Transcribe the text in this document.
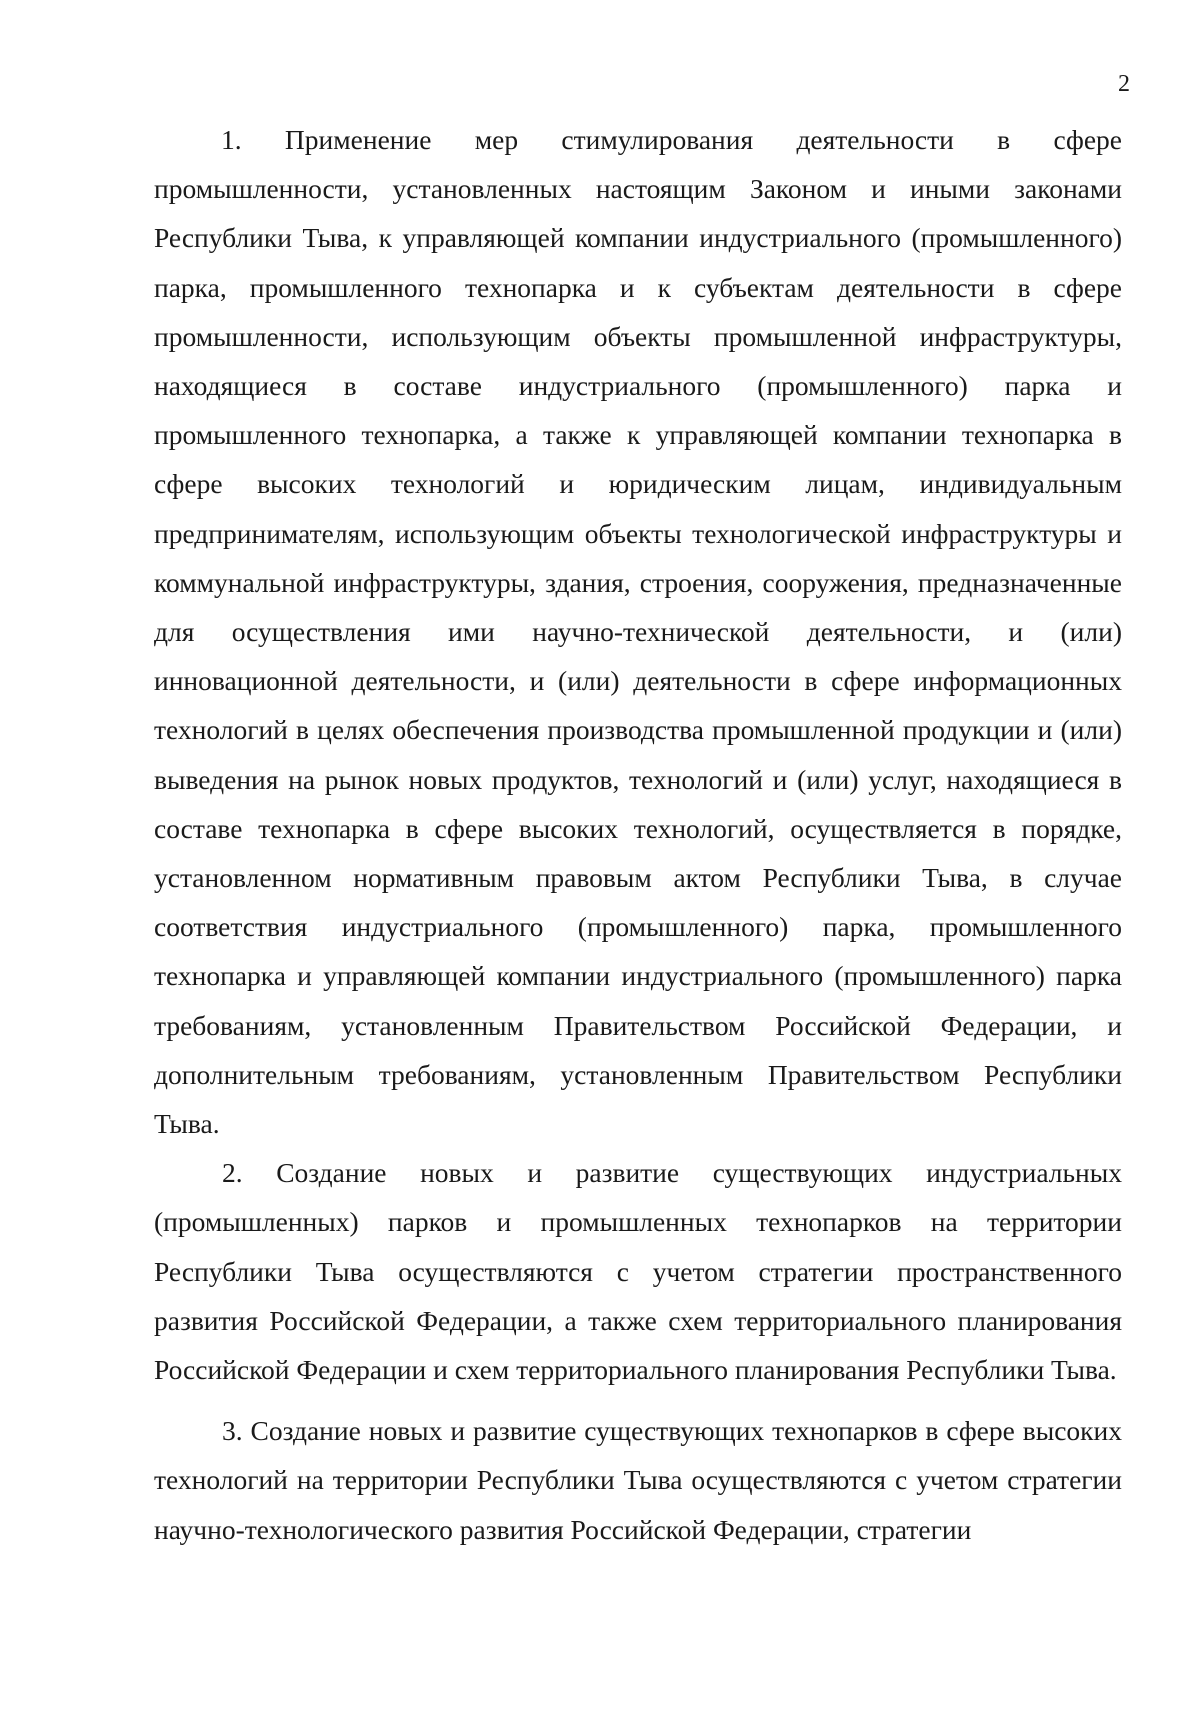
2

1. Применение мер стимулирования деятельности в сфере промышленности, установленных настоящим Законом и иными законами Республики Тыва, к управляющей компании индустриального (промышленного) парка, промышленного технопарка и к субъектам деятельности в сфере промышленности, использующим объекты промышленной инфраструктуры, находящиеся в составе индустриального (промышленного) парка и промышленного технопарка, а также к управляющей компании технопарка в сфере высоких технологий и юридическим лицам, индивидуальным предпринимателям, использующим объекты технологической инфраструктуры и коммунальной инфраструктуры, здания, строения, сооружения, предназначенные для осуществления ими научно-технической деятельности, и (или) инновационной деятельности, и (или) деятельности в сфере информационных технологий в целях обеспечения производства промышленной продукции и (или) выведения на рынок новых продуктов, технологий и (или) услуг, находящиеся в составе технопарка в сфере высоких технологий, осуществляется в порядке, установленном нормативным правовым актом Республики Тыва, в случае соответствия индустриального (промышленного) парка, промышленного технопарка и управляющей компании индустриального (промышленного) парка требованиям, установленным Правительством Российской Федерации, и дополнительным требованиям, установленным Правительством Республики Тыва.

2. Создание новых и развитие существующих индустриальных (промышленных) парков и промышленных технопарков на территории Республики Тыва осуществляются с учетом стратегии пространственного развития Российской Федерации, а также схем территориального планирования Российской Федерации и схем территориального планирования Республики Тыва.

3. Создание новых и развитие существующих технопарков в сфере высоких технологий на территории Республики Тыва осуществляются с учетом стратегии научно-технологического развития Российской Федерации, стратегии
